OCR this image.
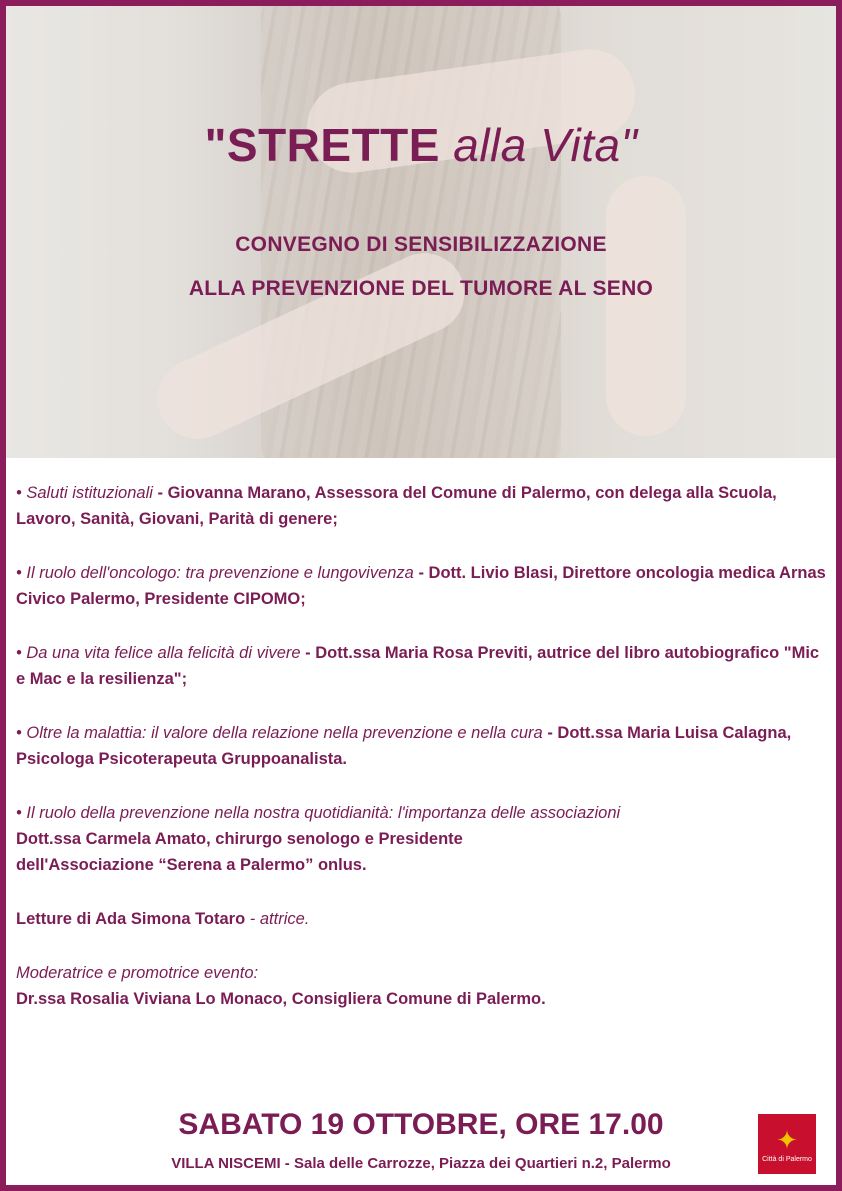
"STRETTE alla Vita"
CONVEGNO DI SENSIBILIZZAZIONE
ALLA PREVENZIONE DEL TUMORE AL SENO
• Saluti istituzionali - Giovanna Marano, Assessora del Comune di Palermo, con delega alla Scuola, Lavoro, Sanità, Giovani, Parità di genere;
• Il ruolo dell'oncologo: tra prevenzione e lungovivenza - Dott. Livio Blasi, Direttore oncologia medica Arnas Civico Palermo, Presidente CIPOMO;
• Da una vita felice alla felicità di vivere - Dott.ssa Maria Rosa Previti, autrice del libro autobiografico "Mic e Mac e la resilienza";
• Oltre la malattia: il valore della relazione nella prevenzione e nella cura - Dott.ssa Maria Luisa Calagna, Psicologa Psicoterapeuta Gruppoanalista.
• Il ruolo della prevenzione nella nostra quotidianità: l'importanza delle associazioni
Dott.ssa Carmela Amato, chirurgo senologo e Presidente
dell'Associazione “Serena a Palermo” onlus.
Letture di Ada Simona Totaro - attrice.
Moderatrice e promotrice evento:
Dr.ssa Rosalia Viviana Lo Monaco, Consigliera Comune di Palermo.
SABATO 19 OTTOBRE, ORE 17.00
VILLA NISCEMI - Sala delle Carrozze, Piazza dei Quartieri n.2, Palermo
✦
Città di Palermo
